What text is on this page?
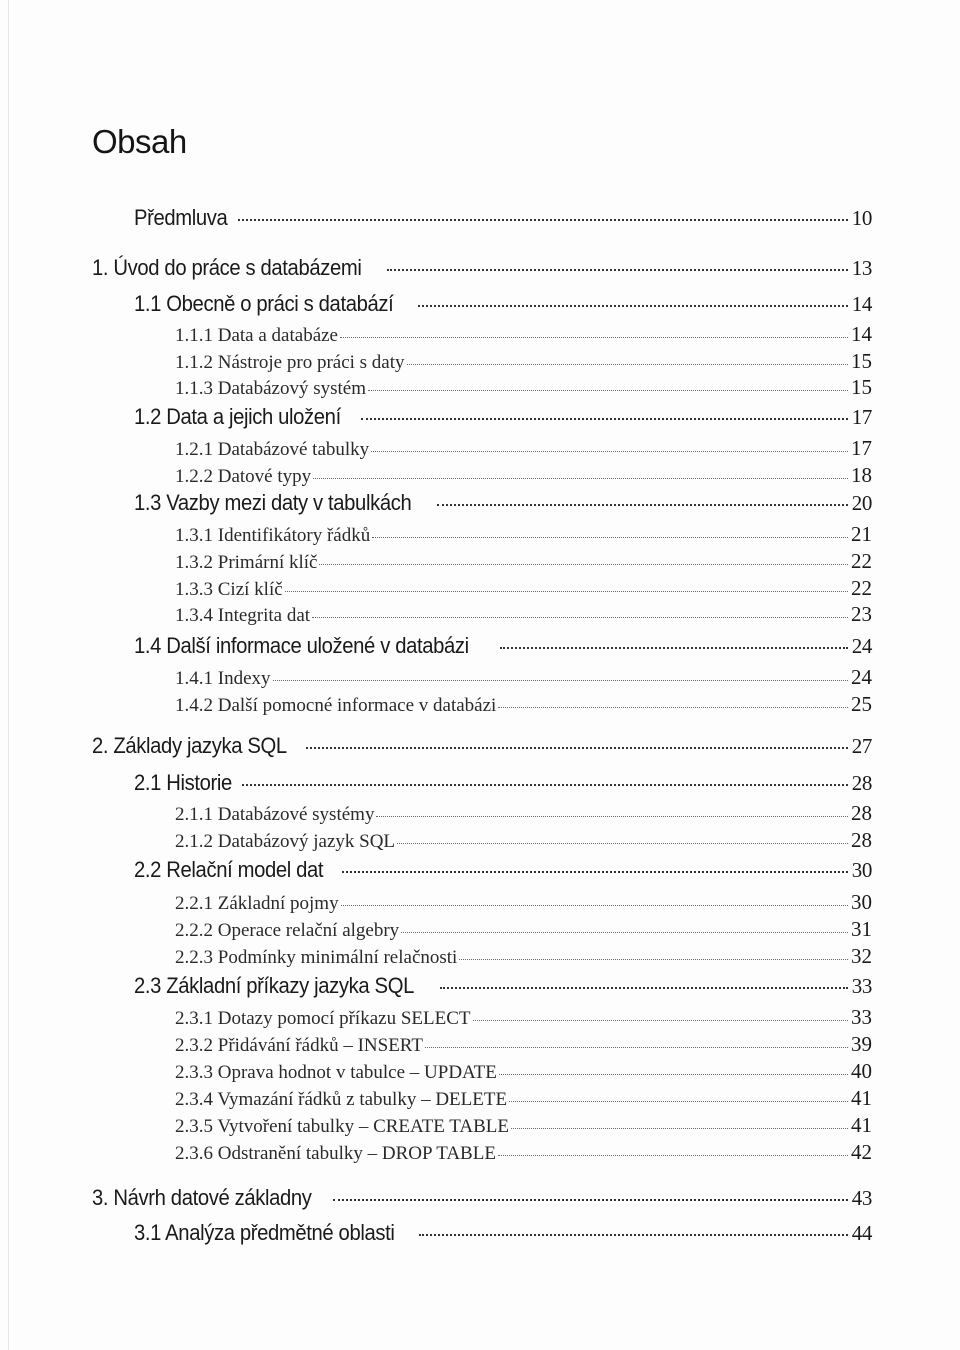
Obsah
Předmluva	10
1. Úvod do práce s databázemi	13
1.1 Obecně o práci s databází	14
1.1.1 Data a databáze	14
1.1.2 Nástroje pro práci s daty	15
1.1.3 Databázový systém	15
1.2 Data a jejich uložení	17
1.2.1 Databázové tabulky	17
1.2.2 Datové typy	18
1.3 Vazby mezi daty v tabulkách	20
1.3.1 Identifikátory řádků	21
1.3.2 Primární klíč	22
1.3.3 Cizí klíč	22
1.3.4 Integrita dat	23
1.4 Další informace uložené v databázi	24
1.4.1 Indexy	24
1.4.2 Další pomocné informace v databázi	25
2. Základy jazyka SQL	27
2.1 Historie	28
2.1.1 Databázové systémy	28
2.1.2 Databázový jazyk SQL	28
2.2 Relační model dat	30
2.2.1 Základní pojmy	30
2.2.2 Operace relační algebry	31
2.2.3 Podmínky minimální relačnosti	32
2.3 Základní příkazy jazyka SQL	33
2.3.1 Dotazy pomocí příkazu SELECT	33
2.3.2 Přidávání řádků – INSERT	39
2.3.3 Oprava hodnot v tabulce – UPDATE	40
2.3.4 Vymazání řádků z tabulky – DELETE	41
2.3.5 Vytvoření tabulky – CREATE TABLE	41
2.3.6 Odstranění tabulky – DROP TABLE	42
3. Návrh datové základny	43
3.1 Analýza předmětné oblasti	44
